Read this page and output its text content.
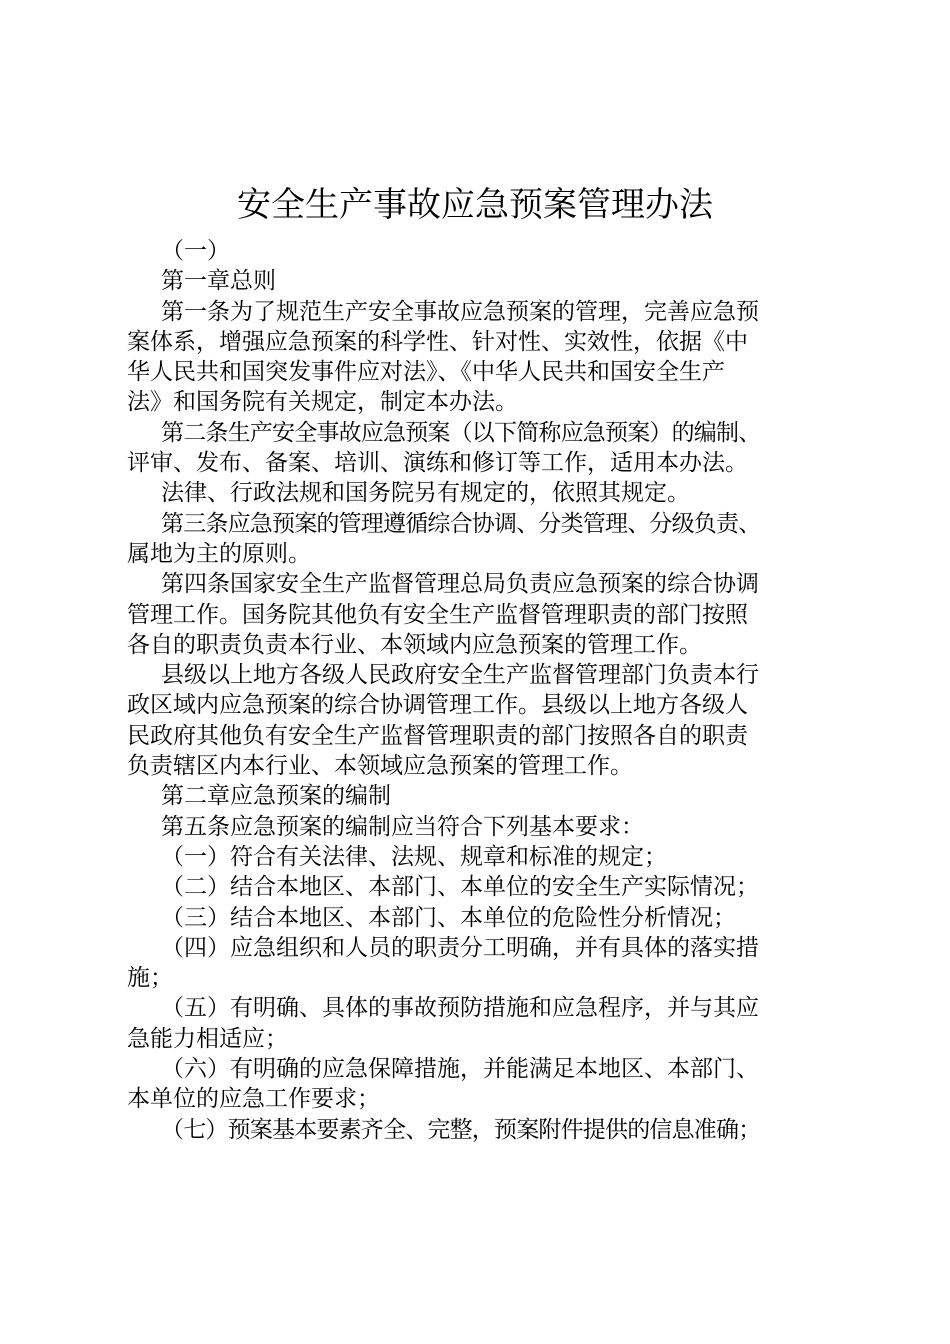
安全生产事故应急预案管理办法
（一）
第一章总则
第一条为了规范生产安全事故应急预案的管理，完善应急预
案体系，增强应急预案的科学性、针对性、实效性，依据《中
华人民共和国突发事件应对法》、《中华人民共和国安全生产
法》和国务院有关规定，制定本办法。
第二条生产安全事故应急预案（以下简称应急预案）的编制、
评审、发布、备案、培训、演练和修订等工作，适用本办法。
法律、行政法规和国务院另有规定的，依照其规定。
第三条应急预案的管理遵循综合协调、分类管理、分级负责、
属地为主的原则。
第四条国家安全生产监督管理总局负责应急预案的综合协调
管理工作。国务院其他负有安全生产监督管理职责的部门按照
各自的职责负责本行业、本领域内应急预案的管理工作。
县级以上地方各级人民政府安全生产监督管理部门负责本行
政区域内应急预案的综合协调管理工作。县级以上地方各级人
民政府其他负有安全生产监督管理职责的部门按照各自的职责
负责辖区内本行业、本领域应急预案的管理工作。
第二章应急预案的编制
第五条应急预案的编制应当符合下列基本要求：
（一）符合有关法律、法规、规章和标准的规定；
（二）结合本地区、本部门、本单位的安全生产实际情况；
（三）结合本地区、本部门、本单位的危险性分析情况；
（四）应急组织和人员的职责分工明确，并有具体的落实措
施；
（五）有明确、具体的事故预防措施和应急程序，并与其应
急能力相适应；
（六）有明确的应急保障措施，并能满足本地区、本部门、
本单位的应急工作要求；
（七）预案基本要素齐全、完整，预案附件提供的信息准确；
